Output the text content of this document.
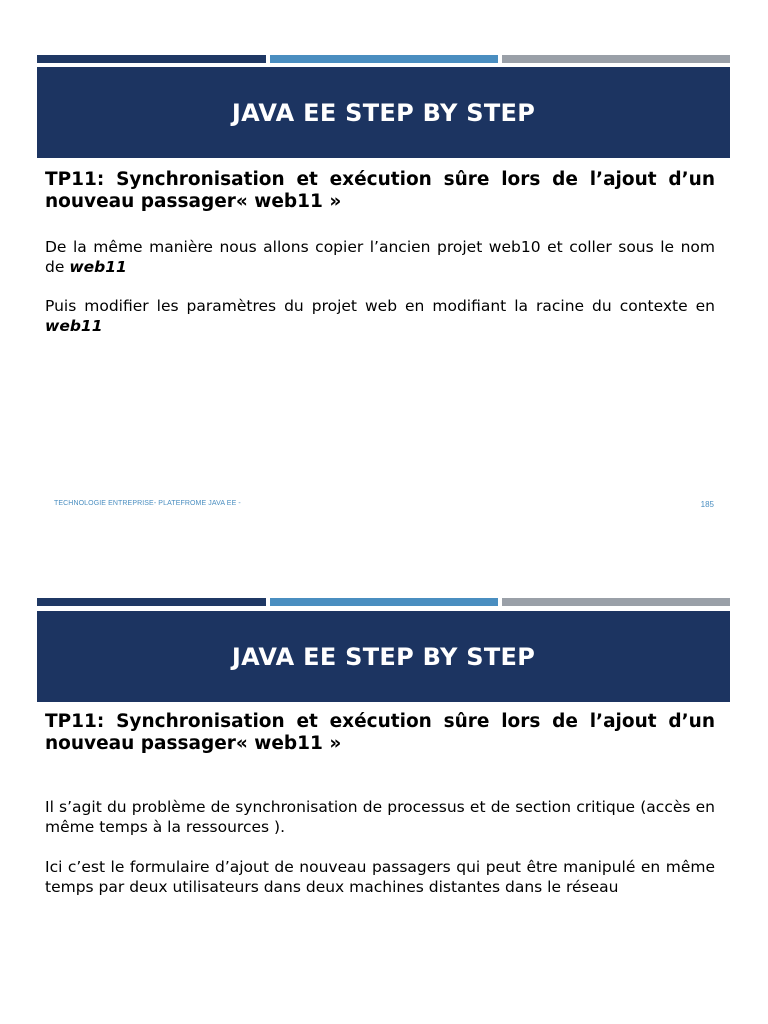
JAVA EE STEP BY STEP

TP11: Synchronisation et exécution sûre lors de l’ajout d’un nouveau passager« web11 »

De la même manière nous allons copier l’ancien projet web10 et coller sous le nom de web11

Puis modifier les paramètres du projet web en modifiant la racine du contexte en web11

TECHNOLOGIE ENTREPRISE- PLATEFROME JAVA EE -	185
JAVA EE STEP BY STEP

TP11: Synchronisation et exécution sûre lors de l’ajout d’un nouveau passager« web11 »

Il s’agit du problème de synchronisation de processus et de section critique (accès en même temps à la ressources ).

Ici c’est le formulaire d’ajout de nouveau passagers qui peut être manipulé en même temps par deux utilisateurs dans deux machines distantes dans le réseau
